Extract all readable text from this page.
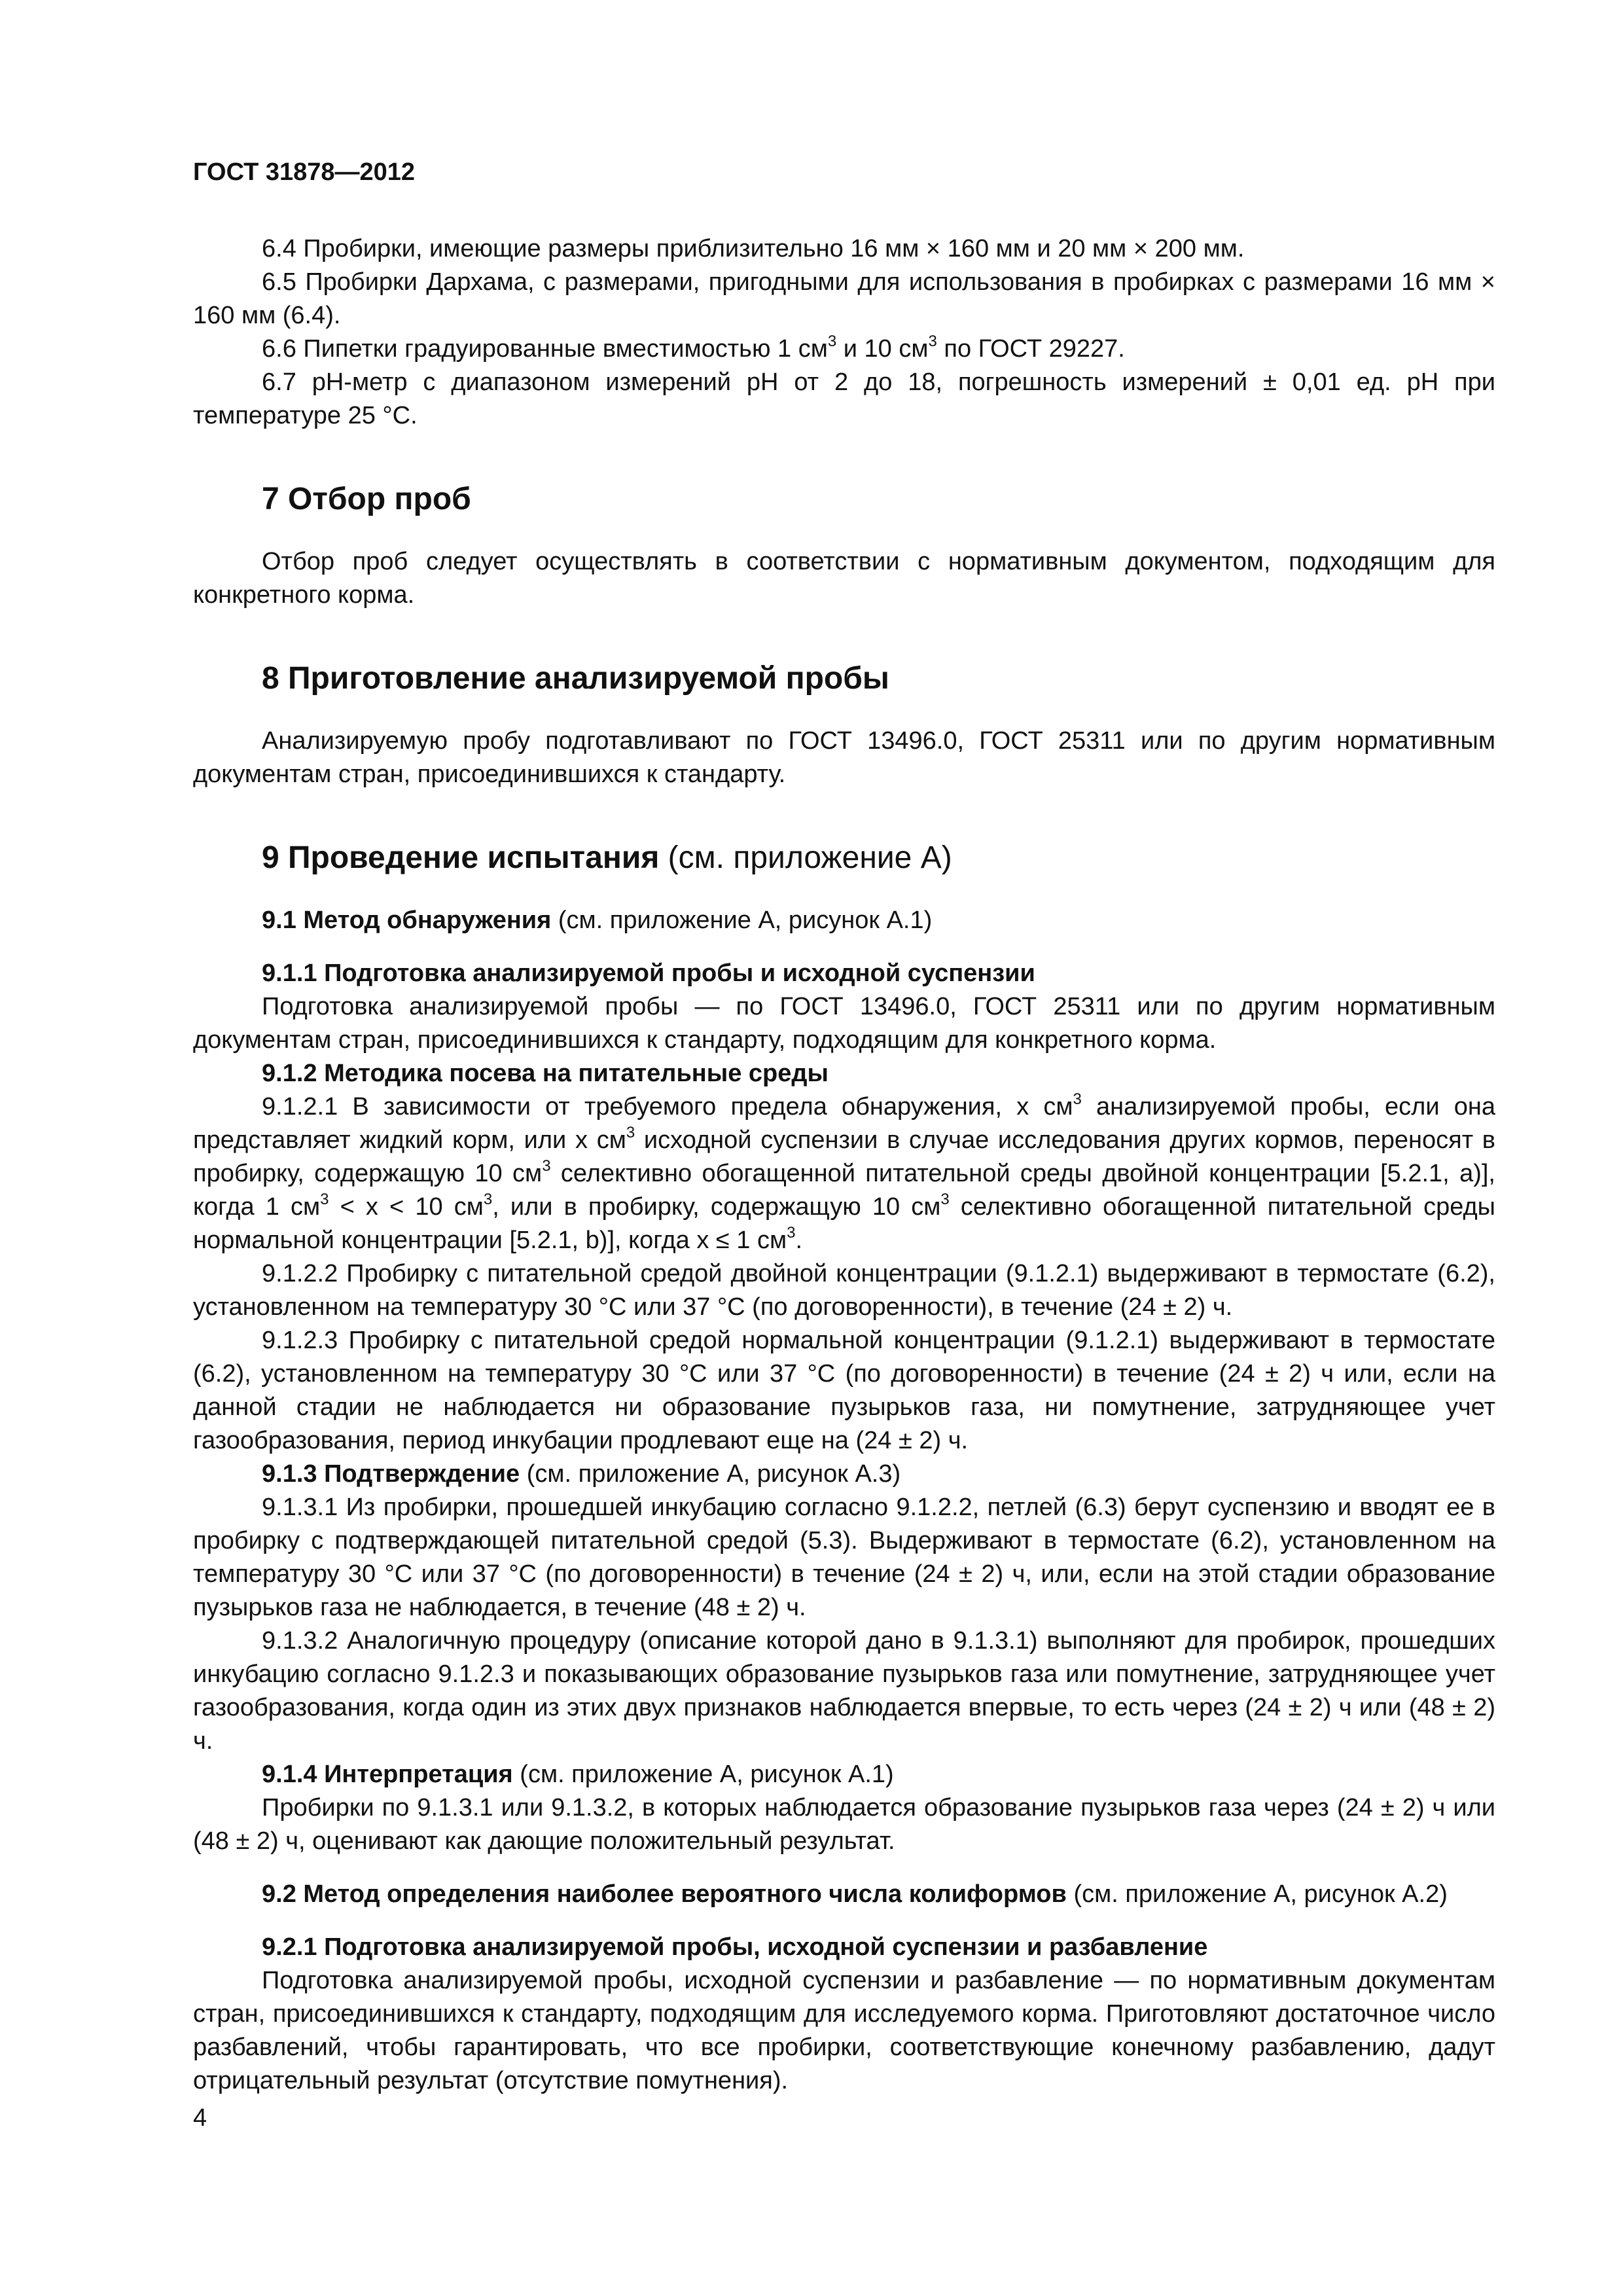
ГОСТ 31878—2012

6.4 Пробирки, имеющие размеры приблизительно 16 мм × 160 мм и 20 мм × 200 мм.

6.5 Пробирки Дархама, с размерами, пригодными для использования в пробирках с размерами 16 мм × 160 мм (6.4).

6.6 Пипетки градуированные вместимостью 1 $см^3$ и 10 $см^3$ по ГОСТ 29227.

6.7 pH-метр с диапазоном измерений pH от 2 до 18, погрешность измерений ± 0,01 ед. pH при температуре 25 °С.

7 Отбор проб

Отбор проб следует осуществлять в соответствии с нормативным документом, подходящим для конкретного корма.

8 Приготовление анализируемой пробы

Анализируемую пробу подготавливают по ГОСТ 13496.0, ГОСТ 25311 или по другим нормативным документам стран, присоединившихся к стандарту.

9 Проведение испытания (см. приложение А)

9.1 Метод обнаружения (см. приложение А, рисунок А.1)

9.1.1 Подготовка анализируемой пробы и исходной суспензии

Подготовка анализируемой пробы — по ГОСТ 13496.0, ГОСТ 25311 или по другим нормативным документам стран, присоединившихся к стандарту, подходящим для конкретного корма.

9.1.2 Методика посева на питательные среды

9.1.2.1 В зависимости от требуемого предела обнаружения, x $см^3$ анализируемой пробы, если она представляет жидкий корм, или x $см^3$ исходной суспензии в случае исследования других кормов, переносят в пробирку, содержащую 10 $см^3$ селективно обогащенной питательной среды двойной концентрации [5.2.1, а)], когда 1 $см^3 < x < 10$ $см^3$, или в пробирку, содержащую 10 $см^3$ селективно обогащенной питательной среды нормальной концентрации [5.2.1, b)], когда x ≤ 1 $см^3$.

9.1.2.2 Пробирку с питательной средой двойной концентрации (9.1.2.1) выдерживают в термостате (6.2), установленном на температуру 30 °С или 37 °С (по договоренности), в течение (24 ± 2) ч.

9.1.2.3 Пробирку с питательной средой нормальной концентрации (9.1.2.1) выдерживают в термостате (6.2), установленном на температуру 30 °С или 37 °С (по договоренности) в течение (24 ± 2) ч или, если на данной стадии не наблюдается ни образование пузырьков газа, ни помутнение, затрудняющее учет газообразования, период инкубации продлевают еще на (24 ± 2) ч.

9.1.3 Подтверждение (см. приложение А, рисунок А.3)

9.1.3.1 Из пробирки, прошедшей инкубацию согласно 9.1.2.2, петлей (6.3) берут суспензию и вводят ее в пробирку с подтверждающей питательной средой (5.3). Выдерживают в термостате (6.2), установленном на температуру 30 °С или 37 °С (по договоренности) в течение (24 ± 2) ч, или, если на этой стадии образование пузырьков газа не наблюдается, в течение (48 ± 2) ч.

9.1.3.2 Аналогичную процедуру (описание которой дано в 9.1.3.1) выполняют для пробирок, прошедших инкубацию согласно 9.1.2.3 и показывающих образование пузырьков газа или помутнение, затрудняющее учет газообразования, когда один из этих двух признаков наблюдается впервые, то есть через (24 ± 2) ч или (48 ± 2) ч.

9.1.4 Интерпретация (см. приложение А, рисунок А.1)

Пробирки по 9.1.3.1 или 9.1.3.2, в которых наблюдается образование пузырьков газа через (24 ± 2) ч или (48 ± 2) ч, оценивают как дающие положительный результат.

9.2 Метод определения наиболее вероятного числа колиформов (см. приложение А, рисунок А.2)

9.2.1 Подготовка анализируемой пробы, исходной суспензии и разбавление

Подготовка анализируемой пробы, исходной суспензии и разбавление — по нормативным документам стран, присоединившихся к стандарту, подходящим для исследуемого корма. Приготовляют достаточное число разбавлений, чтобы гарантировать, что все пробирки, соответствующие конечному разбавлению, дадут отрицательный результат (отсутствие помутнения).

4
